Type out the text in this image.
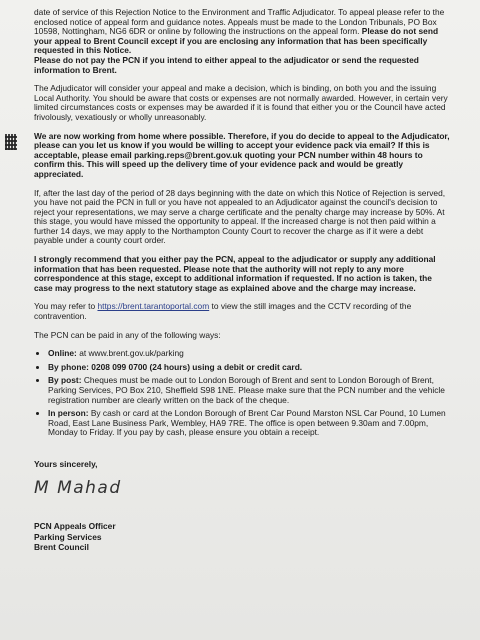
date of service of this Rejection Notice to the Environment and Traffic Adjudicator. To appeal please refer to the enclosed notice of appeal form and guidance notes. Appeals must be made to the London Tribunals, PO Box 10598, Nottingham, NG6 6DR or online by following the instructions on the appeal form. Please do not send your appeal to Brent Council except if you are enclosing any information that has been specifically requested in this Notice.
Please do not pay the PCN if you intend to either appeal to the adjudicator or send the requested information to Brent.

The Adjudicator will consider your appeal and make a decision, which is binding, on both you and the issuing Local Authority. You should be aware that costs or expenses are not normally awarded. However, in certain very limited circumstances costs or expenses may be awarded if it is found that either you or the Council have acted frivolously, vexatiously or wholly unreasonably.

We are now working from home where possible. Therefore, if you do decide to appeal to the Adjudicator, please can you let us know if you would be willing to accept your evidence pack via email? If this is acceptable, please email parking.reps@brent.gov.uk quoting your PCN number within 48 hours to confirm this. This will speed up the delivery time of your evidence pack and would be greatly appreciated.

If, after the last day of the period of 28 days beginning with the date on which this Notice of Rejection is served, you have not paid the PCN in full or you have not appealed to an Adjudicator against the council's decision to reject your representations, we may serve a charge certificate and the penalty charge may increase by 50%. At this stage, you would have missed the opportunity to appeal. If the increased charge is not then paid within a further 14 days, we may apply to the Northampton County Court to recover the charge as if it were a debt payable under a county court order.

I strongly recommend that you either pay the PCN, appeal to the adjudicator or supply any additional information that has been requested. Please note that the authority will not reply to any more correspondence at this stage, except to additional information if requested. If no action is taken, the case may progress to the next statutory stage as explained above and the charge may increase.

You may refer to https://brent.tarantoportal.com to view the still images and the CCTV recording of the contravention.

The PCN can be paid in any of the following ways:

• Online: at www.brent.gov.uk/parking
• By phone: 0208 099 0700 (24 hours) using a debit or credit card.
• By post: Cheques must be made out to London Borough of Brent and sent to London Borough of Brent, Parking Services, PO Box 210, Sheffield S98 1NE. Please make sure that the PCN number and the vehicle registration number are clearly written on the back of the cheque.
• In person: By cash or card at the London Borough of Brent Car Pound Marston NSL Car Pound, 10 Lumen Road, East Lane Business Park, Wembley, HA9 7RE. The office is open between 9.30am and 7.00pm, Monday to Friday. If you pay by cash, please ensure you obtain a receipt.
Yours sincerely,
M Mahad
PCN Appeals Officer
Parking Services
Brent Council
